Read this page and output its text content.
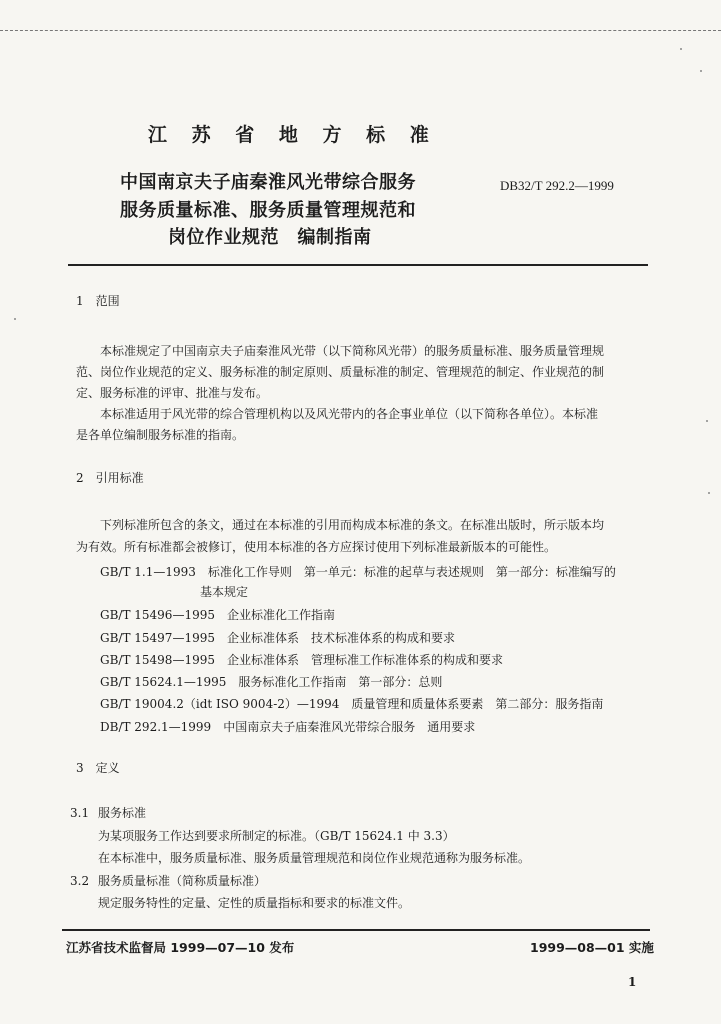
江 苏 省 地 方 标 准
中国南京夫子庙秦淮风光带综合服务
服务质量标准、服务质量管理规范和
岗位作业规范　编制指南
DB32/T 292.2—1999
1　范围
本标准规定了中国南京夫子庙秦淮风光带（以下简称风光带）的服务质量标准、服务质量管理规
范、岗位作业规范的定义、服务标准的制定原则、质量标准的制定、管理规范的制定、作业规范的制
定、服务标准的评审、批准与发布。
本标准适用于风光带的综合管理机构以及风光带内的各企事业单位（以下简称各单位）。本标准
是各单位编制服务标准的指南。
2　引用标准
下列标准所包含的条文，通过在本标准的引用而构成本标准的条文。在标准出版时，所示版本均
为有效。所有标准都会被修订，使用本标准的各方应探讨使用下列标准最新版本的可能性。
GB/T 1.1—1993　标准化工作导则　第一单元：标准的起草与表述规则　第一部分：标准编写的
基本规定
GB/T 15496—1995　企业标准化工作指南
GB/T 15497—1995　企业标准体系　技术标准体系的构成和要求
GB/T 15498—1995　企业标准体系　管理标准工作标准体系的构成和要求
GB/T 15624.1—1995　服务标准化工作指南　第一部分：总则
GB/T 19004.2（idt ISO 9004-2）—1994　质量管理和质量体系要素　第二部分：服务指南
DB/T 292.1—1999　中国南京夫子庙秦淮风光带综合服务　通用要求
3　定义
3.1 服务标准
为某项服务工作达到要求所制定的标准。（GB/T 15624.1 中 3.3）
在本标准中，服务质量标准、服务质量管理规范和岗位作业规范通称为服务标准。
3.2 服务质量标准（简称质量标准）
规定服务特性的定量、定性的质量指标和要求的标准文件。
江苏省技术监督局 1999—07—10 发布	1999—08—01 实施
1
